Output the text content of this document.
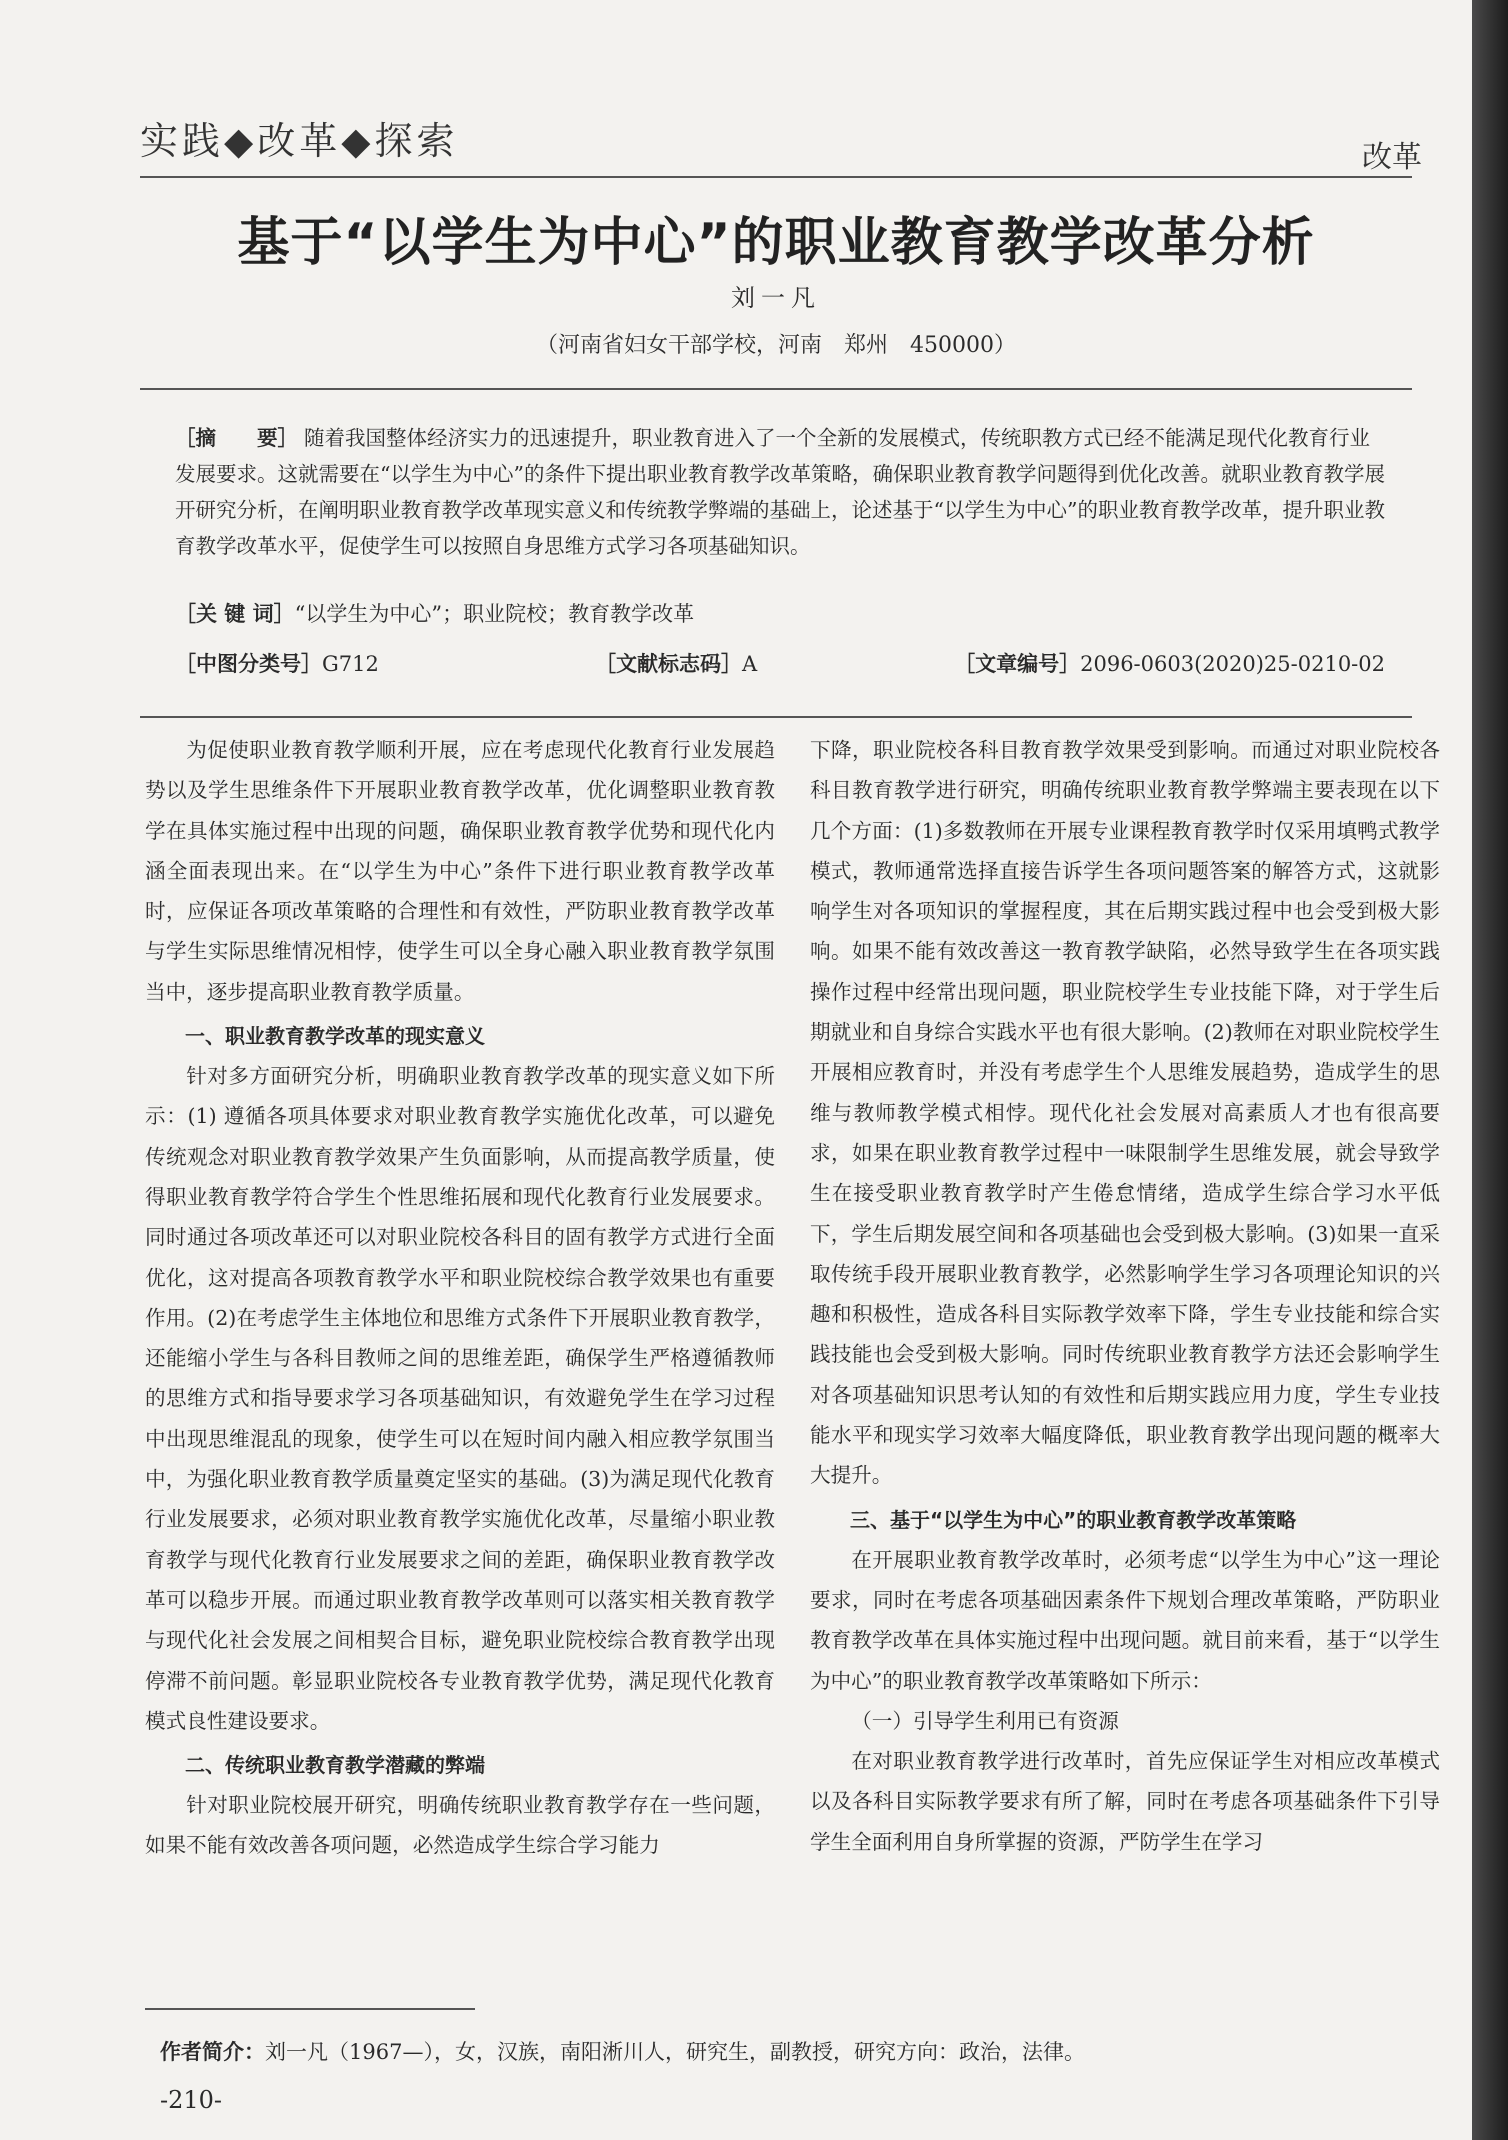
实践◆改革◆探索	改革
基于“以学生为中心”的职业教育教学改革分析
刘一凡
（河南省妇女干部学校，河南　郑州　450000）
［摘　　要］ 随着我国整体经济实力的迅速提升，职业教育进入了一个全新的发展模式，传统职教方式已经不能满足现代化教育行业发展要求。这就需要在“以学生为中心”的条件下提出职业教育教学改革策略，确保职业教育教学问题得到优化改善。就职业教育教学展开研究分析，在阐明职业教育教学改革现实意义和传统教学弊端的基础上，论述基于“以学生为中心”的职业教育教学改革，提升职业教育教学改革水平，促使学生可以按照自身思维方式学习各项基础知识。
［关 键 词］“以学生为中心”；职业院校；教育教学改革
［中图分类号］G712	［文献标志码］A	［文章编号］2096-0603(2020)25-0210-02

为促使职业教育教学顺利开展，应在考虑现代化教育行业发展趋势以及学生思维条件下开展职业教育教学改革，优化调整职业教育教学在具体实施过程中出现的问题，确保职业教育教学优势和现代化内涵全面表现出来。在“以学生为中心”条件下进行职业教育教学改革时，应保证各项改革策略的合理性和有效性，严防职业教育教学改革与学生实际思维情况相悖，使学生可以全身心融入职业教育教学氛围当中，逐步提高职业教育教学质量。

一、职业教育教学改革的现实意义

针对多方面研究分析，明确职业教育教学改革的现实意义如下所示：(1) 遵循各项具体要求对职业教育教学实施优化改革，可以避免传统观念对职业教育教学效果产生负面影响，从而提高教学质量，使得职业教育教学符合学生个性思维拓展和现代化教育行业发展要求。同时通过各项改革还可以对职业院校各科目的固有教学方式进行全面优化，这对提高各项教育教学水平和职业院校综合教学效果也有重要作用。(2)在考虑学生主体地位和思维方式条件下开展职业教育教学，还能缩小学生与各科目教师之间的思维差距，确保学生严格遵循教师的思维方式和指导要求学习各项基础知识，有效避免学生在学习过程中出现思维混乱的现象，使学生可以在短时间内融入相应教学氛围当中，为强化职业教育教学质量奠定坚实的基础。(3)为满足现代化教育行业发展要求，必须对职业教育教学实施优化改革，尽量缩小职业教育教学与现代化教育行业发展要求之间的差距，确保职业教育教学改革可以稳步开展。而通过职业教育教学改革则可以落实相关教育教学与现代化社会发展之间相契合目标，避免职业院校综合教育教学出现停滞不前问题。彰显职业院校各专业教育教学优势，满足现代化教育模式良性建设要求。

二、传统职业教育教学潜藏的弊端

针对职业院校展开研究，明确传统职业教育教学存在一些问题，如果不能有效改善各项问题，必然造成学生综合学习能力

下降，职业院校各科目教育教学效果受到影响。而通过对职业院校各科目教育教学进行研究，明确传统职业教育教学弊端主要表现在以下几个方面：(1)多数教师在开展专业课程教育教学时仅采用填鸭式教学模式，教师通常选择直接告诉学生各项问题答案的解答方式，这就影响学生对各项知识的掌握程度，其在后期实践过程中也会受到极大影响。如果不能有效改善这一教育教学缺陷，必然导致学生在各项实践操作过程中经常出现问题，职业院校学生专业技能下降，对于学生后期就业和自身综合实践水平也有很大影响。(2)教师在对职业院校学生开展相应教育时，并没有考虑学生个人思维发展趋势，造成学生的思维与教师教学模式相悖。现代化社会发展对高素质人才也有很高要求，如果在职业教育教学过程中一味限制学生思维发展，就会导致学生在接受职业教育教学时产生倦怠情绪，造成学生综合学习水平低下，学生后期发展空间和各项基础也会受到极大影响。(3)如果一直采取传统手段开展职业教育教学，必然影响学生学习各项理论知识的兴趣和积极性，造成各科目实际教学效率下降，学生专业技能和综合实践技能也会受到极大影响。同时传统职业教育教学方法还会影响学生对各项基础知识思考认知的有效性和后期实践应用力度，学生专业技能水平和现实学习效率大幅度降低，职业教育教学出现问题的概率大大提升。

三、基于“以学生为中心”的职业教育教学改革策略

在开展职业教育教学改革时，必须考虑“以学生为中心”这一理论要求，同时在考虑各项基础因素条件下规划合理改革策略，严防职业教育教学改革在具体实施过程中出现问题。就目前来看，基于“以学生为中心”的职业教育教学改革策略如下所示：

（一）引导学生利用已有资源

在对职业教育教学进行改革时，首先应保证学生对相应改革模式以及各科目实际教学要求有所了解，同时在考虑各项基础条件下引导学生全面利用自身所掌握的资源，严防学生在学习

作者简介：刘一凡（1967—），女，汉族，南阳淅川人，研究生，副教授，研究方向：政治，法律。
-210-
